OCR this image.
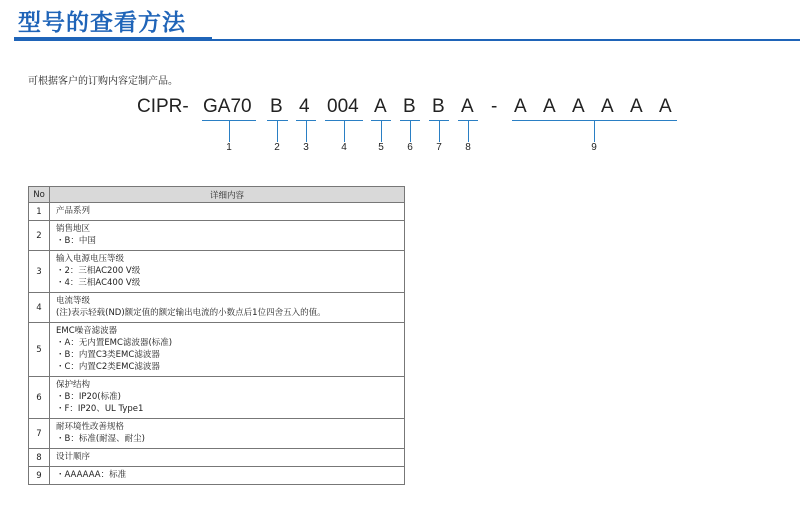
型号的查看方法
可根据客户的订购内容定制产品。
CIPR- GA70 B 4 004 A B B A - A A A A A A
1	2 3	4	5 6 7 8	9
No	详细内容
1	产品系列

2	销售地区
・B：中国

3	输入电源电压等级
・2：三相AC200 V级
・4：三相AC400 V级

4	电流等级
(注)表示轻载(ND)额定值的额定输出电流的小数点后1位四舍五入的值。

5	EMC噪音滤波器
・A：无内置EMC滤波器(标准)
・B：内置C3类EMC滤波器
・C：内置C2类EMC滤波器

6	保护结构
・B：IP20(标准)
・F：IP20、UL Type1

7	耐环境性改善规格
・B：标准(耐湿、耐尘)

8	设计顺序

9	・AAAAAA：标准
